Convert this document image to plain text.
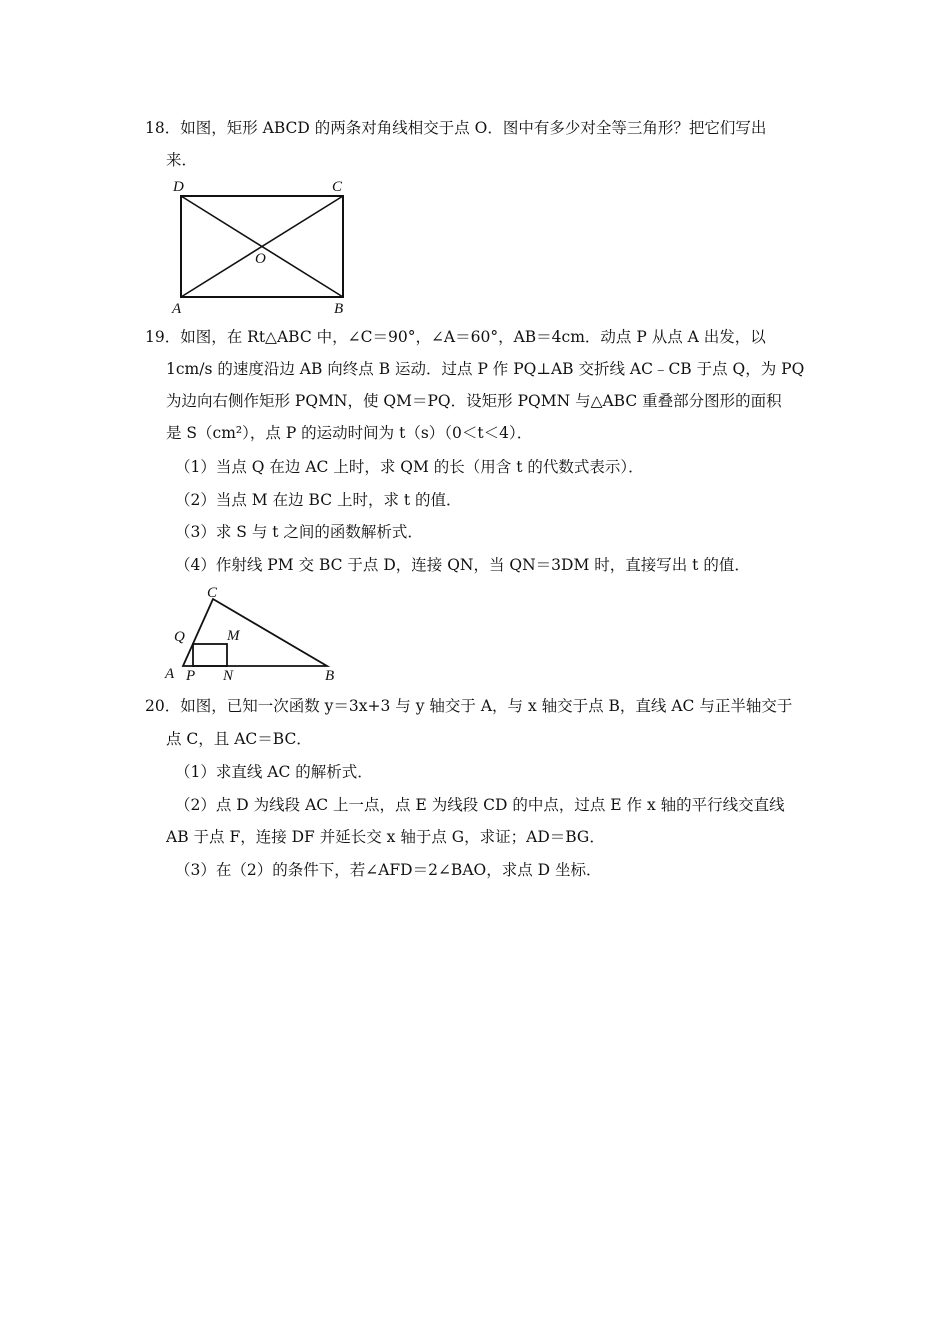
18．如图，矩形 ABCD 的两条对角线相交于点 O．图中有多少对全等三角形？把它们写出
来．
D	C
O
A	B
19．如图，在 Rt△ABC 中，∠C＝90°，∠A＝60°，AB＝4cm．动点 P 从点 A 出发，以
1cm/s 的速度沿边 AB 向终点 B 运动．过点 P 作 PQ⊥AB 交折线 AC﹣CB 于点 Q，为 PQ
为边向右侧作矩形 PQMN，使 QM＝PQ．设矩形 PQMN 与△ABC 重叠部分图形的面积
是 S（cm²），点 P 的运动时间为 t（s）（0＜t＜4）．
（1）当点 Q 在边 AC 上时，求 QM 的长（用含 t 的代数式表示）．
（2）当点 M 在边 BC 上时，求 t 的值．
（3）求 S 与 t 之间的函数解析式．
（4）作射线 PM 交 BC 于点 D，连接 QN，当 QN＝3DM 时，直接写出 t 的值．
C
Q	M
A P N	B
20．如图，已知一次函数 y＝3x+3 与 y 轴交于 A，与 x 轴交于点 B，直线 AC 与正半轴交于
点 C，且 AC＝BC．
（1）求直线 AC 的解析式．
（2）点 D 为线段 AC 上一点，点 E 为线段 CD 的中点，过点 E 作 x 轴的平行线交直线
AB 于点 F，连接 DF 并延长交 x 轴于点 G，求证；AD＝BG．
（3）在（2）的条件下，若∠AFD＝2∠BAO，求点 D 坐标．
